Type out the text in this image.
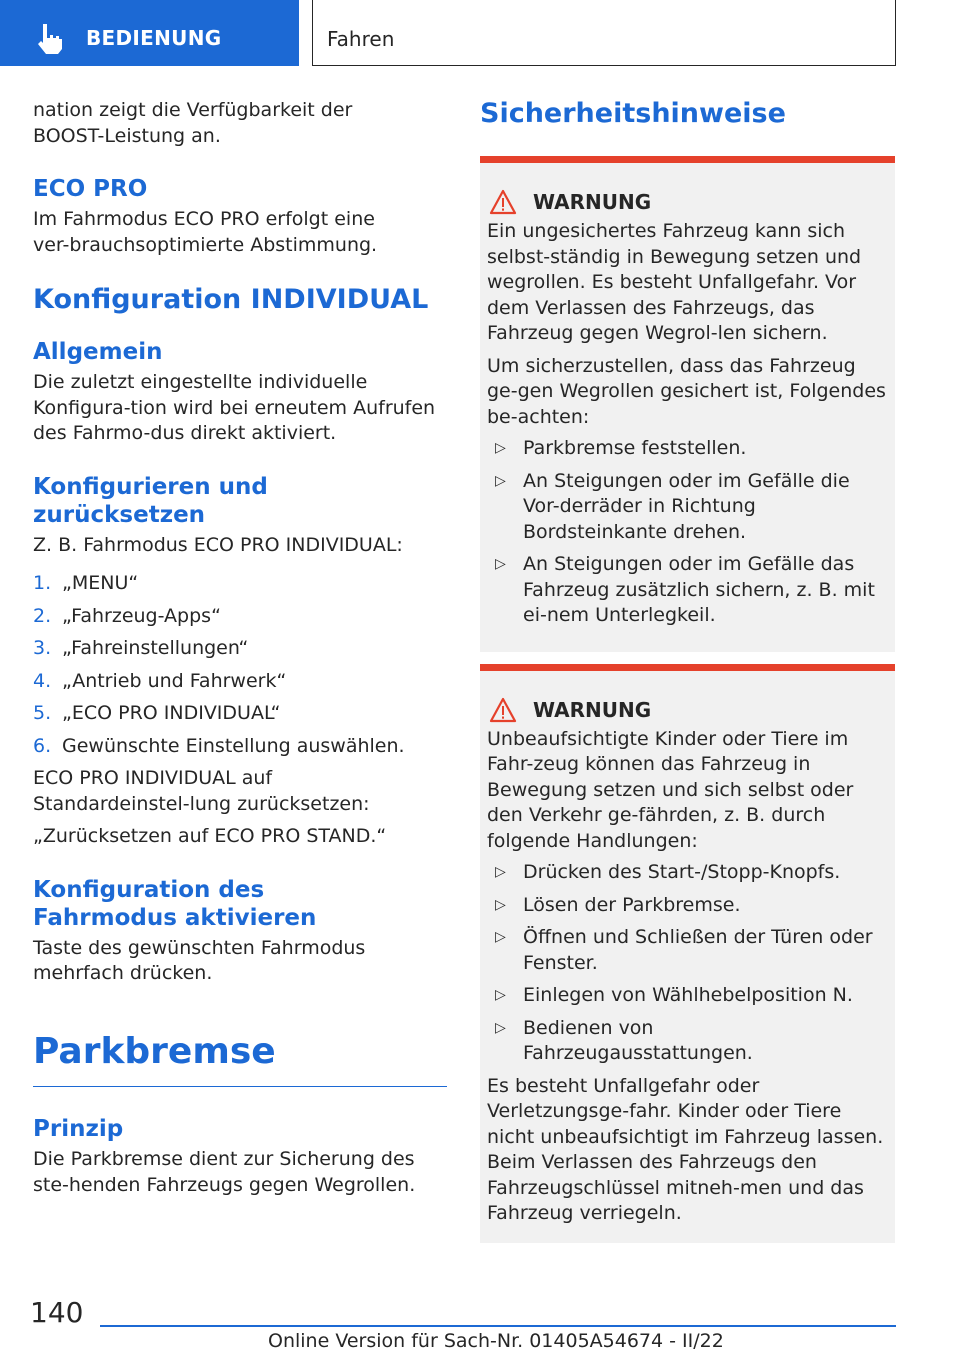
BEDIENUNG	Fahren

nation zeigt die Verfügbarkeit der BOOST-Leistung an.

ECO PRO

Im Fahrmodus ECO PRO erfolgt eine ver-brauchsoptimierte Abstimmung.

Konfiguration INDIVIDUAL
Allgemein

Die zuletzt eingestellte individuelle Konfigura-tion wird bei erneutem Aufrufen des Fahrmo-dus direkt aktiviert.

Konfigurieren und zurücksetzen

Z. B. Fahrmodus ECO PRO INDIVIDUAL:

1. „MENU“
2. „Fahrzeug-Apps“
3. „Fahreinstellungen“
4. „Antrieb und Fahrwerk“
5. „ECO PRO INDIVIDUAL“
6. Gewünschte Einstellung auswählen.

ECO PRO INDIVIDUAL auf Standardeinstel-lung zurücksetzen:

„Zurücksetzen auf ECO PRO STAND.“

Konfiguration des Fahrmodus aktivieren

Taste des gewünschten Fahrmodus mehrfach drücken.

Parkbremse
Prinzip

Die Parkbremse dient zur Sicherung des ste-henden Fahrzeugs gegen Wegrollen.

Sicherheitshinweise
WARNUNG

Ein ungesichertes Fahrzeug kann sich selbst-ständig in Bewegung setzen und wegrollen. Es besteht Unfallgefahr. Vor dem Verlassen des Fahrzeugs, das Fahrzeug gegen Wegrol-len sichern.

Um sicherzustellen, dass das Fahrzeug ge-gen Wegrollen gesichert ist, Folgendes be-achten:

▷ Parkbremse feststellen.
▷ An Steigungen oder im Gefälle die Vor-derräder in Richtung Bordsteinkante drehen.
▷ An Steigungen oder im Gefälle das Fahrzeug zusätzlich sichern, z. B. mit ei-nem Unterlegkeil.
WARNUNG

Unbeaufsichtigte Kinder oder Tiere im Fahr-zeug können das Fahrzeug in Bewegung setzen und sich selbst oder den Verkehr ge-fährden, z. B. durch folgende Handlungen:

▷ Drücken des Start-/Stopp-Knopfs.
▷ Lösen der Parkbremse.
▷ Öffnen und Schließen der Türen oder Fenster.
▷ Einlegen von Wählhebelposition N.
▷ Bedienen von Fahrzeugausstattungen.

Es besteht Unfallgefahr oder Verletzungsge-fahr. Kinder oder Tiere nicht unbeaufsichtigt im Fahrzeug lassen. Beim Verlassen des Fahrzeugs den Fahrzeugschlüssel mitneh-men und das Fahrzeug verriegeln.

140
Online Version für Sach-Nr. 01405A54674 - II/22
